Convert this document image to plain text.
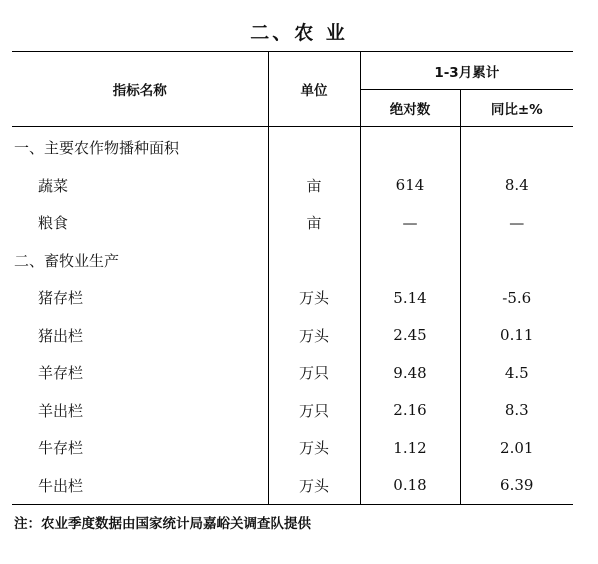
二、农 业
指标名称	单位	1-3月累计	
		绝对数	同比±%
一、主要农作物播种面积			
蔬菜	亩	614	8.4
粮食	亩	—	—
二、畜牧业生产			
猪存栏	万头	5.14	-5.6
猪出栏	万头	2.45	0.11
羊存栏	万只	9.48	4.5
羊出栏	万只	2.16	8.3
牛存栏	万头	1.12	2.01
牛出栏	万头	0.18	6.39
注：农业季度数据由国家统计局嘉峪关调查队提供
